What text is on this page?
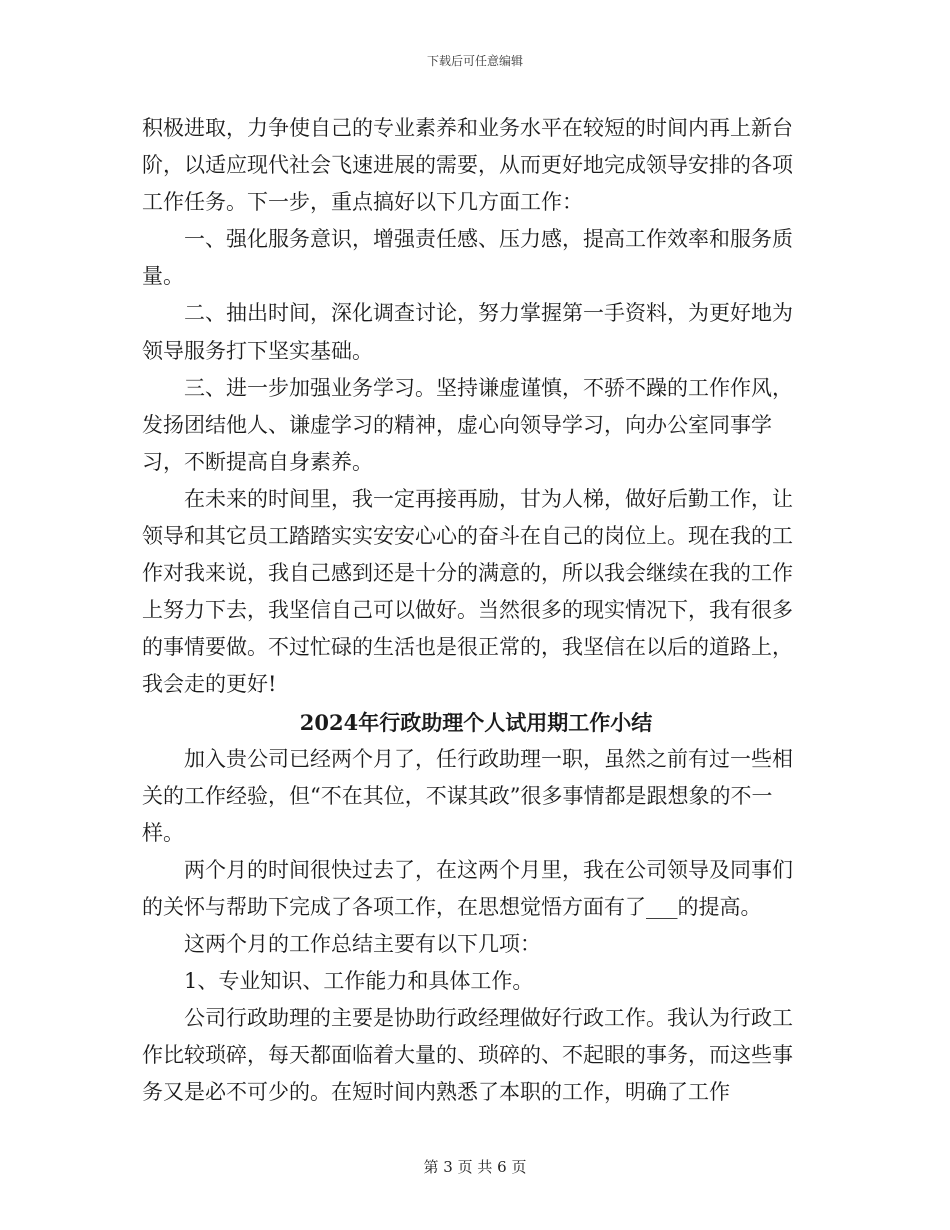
下载后可任意编辑

积极进取，力争使自己的专业素养和业务水平在较短的时间内再上新台阶，以适应现代社会飞速进展的需要，从而更好地完成领导安排的各项工作任务。下一步，重点搞好以下几方面工作：

一、强化服务意识，增强责任感、压力感，提高工作效率和服务质量。

二、抽出时间，深化调查讨论，努力掌握第一手资料，为更好地为领导服务打下坚实基础。

三、进一步加强业务学习。坚持谦虚谨慎，不骄不躁的工作作风，发扬团结他人、谦虚学习的精神，虚心向领导学习，向办公室同事学习，不断提高自身素养。

在未来的时间里，我一定再接再励，甘为人梯，做好后勤工作，让领导和其它员工踏踏实实安安心心的奋斗在自己的岗位上。现在我的工作对我来说，我自己感到还是十分的满意的，所以我会继续在我的工作上努力下去，我坚信自己可以做好。当然很多的现实情况下，我有很多的事情要做。不过忙碌的生活也是很正常的，我坚信在以后的道路上，我会走的更好!

2024年行政助理个人试用期工作小结

加入贵公司已经两个月了，任行政助理一职，虽然之前有过一些相关的工作经验，但“不在其位，不谋其政”很多事情都是跟想象的不一样。

两个月的时间很快过去了，在这两个月里，我在公司领导及同事们的关怀与帮助下完成了各项工作，在思想觉悟方面有了___的提高。

这两个月的工作总结主要有以下几项：

1、专业知识、工作能力和具体工作。

公司行政助理的主要是协助行政经理做好行政工作。我认为行政工作比较琐碎，每天都面临着大量的、琐碎的、不起眼的事务，而这些事务又是必不可少的。在短时间内熟悉了本职的工作，明确了工作

第 3 页 共 6 页
